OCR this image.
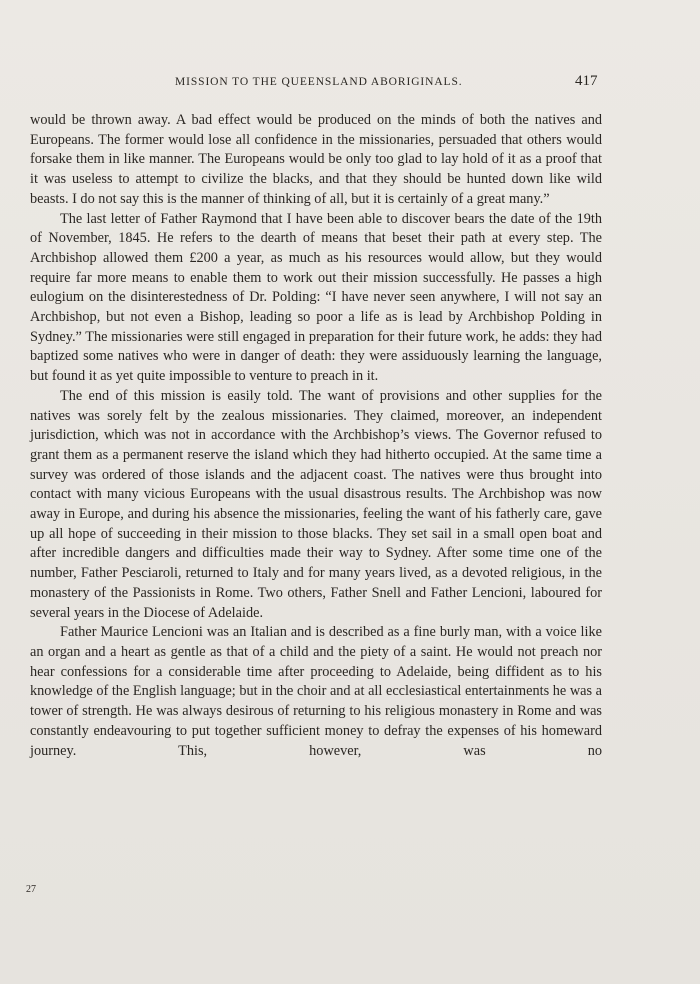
MISSION TO THE QUEENSLAND ABORIGINALS.	417

would be thrown away. A bad effect would be produced on the minds of both the natives and Europeans. The former would lose all confidence in the missionaries, persuaded that others would forsake them in like manner. The Europeans would be only too glad to lay hold of it as a proof that it was useless to attempt to civilize the blacks, and that they should be hunted down like wild beasts. I do not say this is the manner of thinking of all, but it is certainly of a great many.”

The last letter of Father Raymond that I have been able to discover bears the date of the 19th of November, 1845. He refers to the dearth of means that beset their path at every step. The Archbishop allowed them £200 a year, as much as his resources would allow, but they would require far more means to enable them to work out their mission successfully. He passes a high eulogium on the disinterestedness of Dr. Polding: “I have never seen anywhere, I will not say an Archbishop, but not even a Bishop, leading so poor a life as is lead by Archbishop Polding in Sydney.” The missionaries were still engaged in preparation for their future work, he adds: they had baptized some natives who were in danger of death: they were assiduously learning the language, but found it as yet quite impossible to venture to preach in it.

The end of this mission is easily told. The want of provisions and other supplies for the natives was sorely felt by the zealous missionaries. They claimed, moreover, an independent jurisdiction, which was not in accordance with the Archbishop’s views. The Governor refused to grant them as a permanent reserve the island which they had hitherto occupied. At the same time a survey was ordered of those islands and the adjacent coast. The natives were thus brought into contact with many vicious Europeans with the usual disastrous results. The Archbishop was now away in Europe, and during his absence the missionaries, feeling the want of his fatherly care, gave up all hope of succeeding in their mission to those blacks. They set sail in a small open boat and after incredible dangers and difficulties made their way to Sydney. After some time one of the number, Father Pesciaroli, returned to Italy and for many years lived, as a devoted religious, in the monastery of the Passionists in Rome. Two others, Father Snell and Father Lencioni, laboured for several years in the Diocese of Adelaide.

Father Maurice Lencioni was an Italian and is described as a fine burly man, with a voice like an organ and a heart as gentle as that of a child and the piety of a saint. He would not preach nor hear confessions for a considerable time after proceeding to Adelaide, being diffident as to his knowledge of the English language; but in the choir and at all ecclesiastical entertainments he was a tower of strength. He was always desirous of returning to his religious monastery in Rome and was constantly endeavouring to put together sufficient money to defray the expenses of his homeward journey. This, however, was no

27
